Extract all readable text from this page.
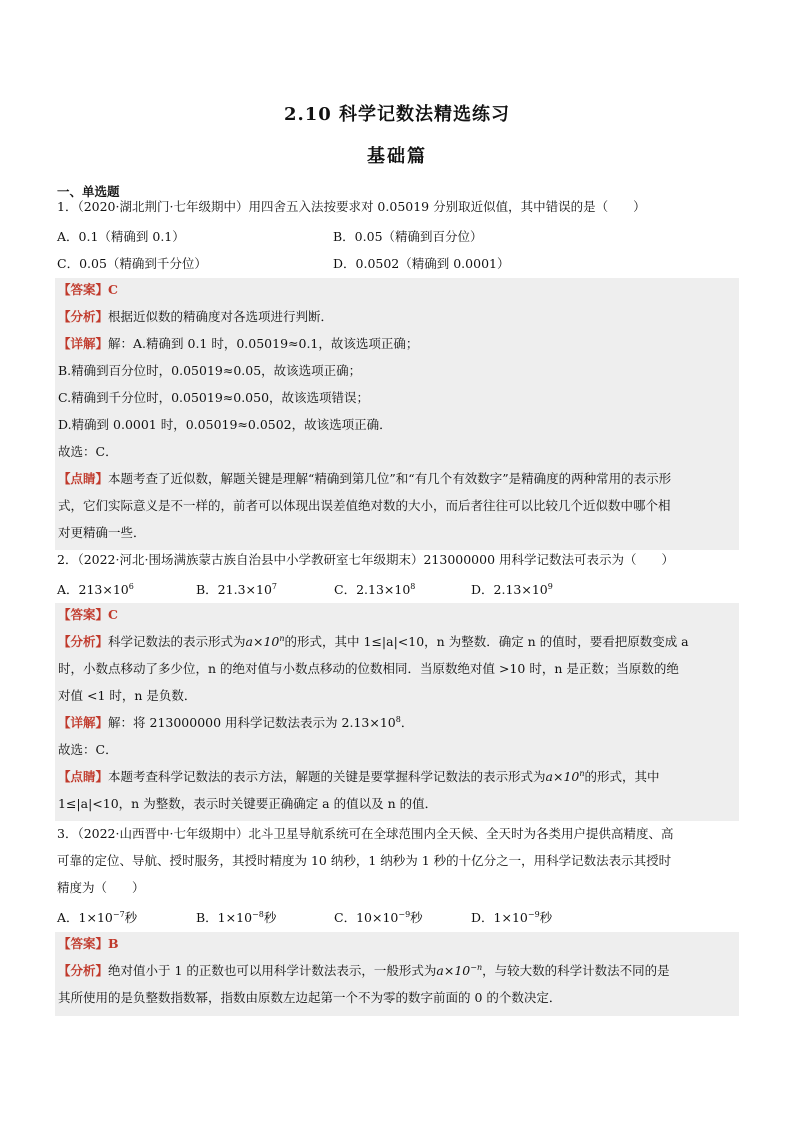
2.10 科学记数法精选练习
基础篇
一、单选题
1．（2020·湖北荆门·七年级期中）用四舍五入法按要求对 0.05019 分别取近似值，其中错误的是（　　）
A．0.1（精确到 0.1）	B．0.05（精确到百分位）
C．0.05（精确到千分位）	D．0.0502（精确到 0.0001）
【答案】C
【分析】根据近似数的精确度对各选项进行判断．
【详解】解：A.精确到 0.1 时，0.05019≈0.1，故该选项正确；
B.精确到百分位时，0.05019≈0.05，故该选项正确；
C.精确到千分位时，0.05019≈0.050，故该选项错误；
D.精确到 0.0001 时，0.05019≈0.0502，故该选项正确．
故选：C．
【点睛】本题考查了近似数，解题关键是理解“精确到第几位”和“有几个有效数字”是精确度的两种常用的表示形
式，它们实际意义是不一样的，前者可以体现出误差值绝对数的大小，而后者往往可以比较几个近似数中哪个相
对更精确一些．
2．（2022·河北·围场满族蒙古族自治县中小学教研室七年级期末）213000000 用科学记数法可表示为（　　）
A．$213\times 10^6$	B．$21.3\times 10^7$	C．$2.13\times 10^8$	D．$2.13\times 10^9$
【答案】C
【分析】科学记数法的表示形式为$a\times 10^n$的形式，其中 1≤|a|<10，n 为整数．确定 n 的值时，要看把原数变成 a
时，小数点移动了多少位，n 的绝对值与小数点移动的位数相同．当原数绝对值 >10 时，n 是正数；当原数的绝
对值 <1 时，n 是负数．
【详解】解：将 213000000 用科学记数法表示为 $2.13\times 10^8$．
故选：C．
【点睛】本题考查科学记数法的表示方法，解题的关键是要掌握科学记数法的表示形式为$a\times 10^n$的形式，其中
1≤|a|<10，n 为整数，表示时关键要正确确定 a 的值以及 n 的值．
3．（2022·山西晋中·七年级期中）北斗卫星导航系统可在全球范围内全天候、全天时为各类用户提供高精度、高
可靠的定位、导航、授时服务，其授时精度为 10 纳秒，1 纳秒为 1 秒的十亿分之一，用科学记数法表示其授时
精度为（　　）
A．$1\times 10^{-7}$秒	B．$1\times 10^{-8}$秒	C．$10\times 10^{-9}$秒	D．$1\times 10^{-9}$秒
【答案】B
【分析】绝对值小于 1 的正数也可以用科学计数法表示，一般形式为$a\times 10^{-n}$，与较大数的科学计数法不同的是
其所使用的是负整数指数幂，指数由原数左边起第一个不为零的数字前面的 0 的个数决定．
